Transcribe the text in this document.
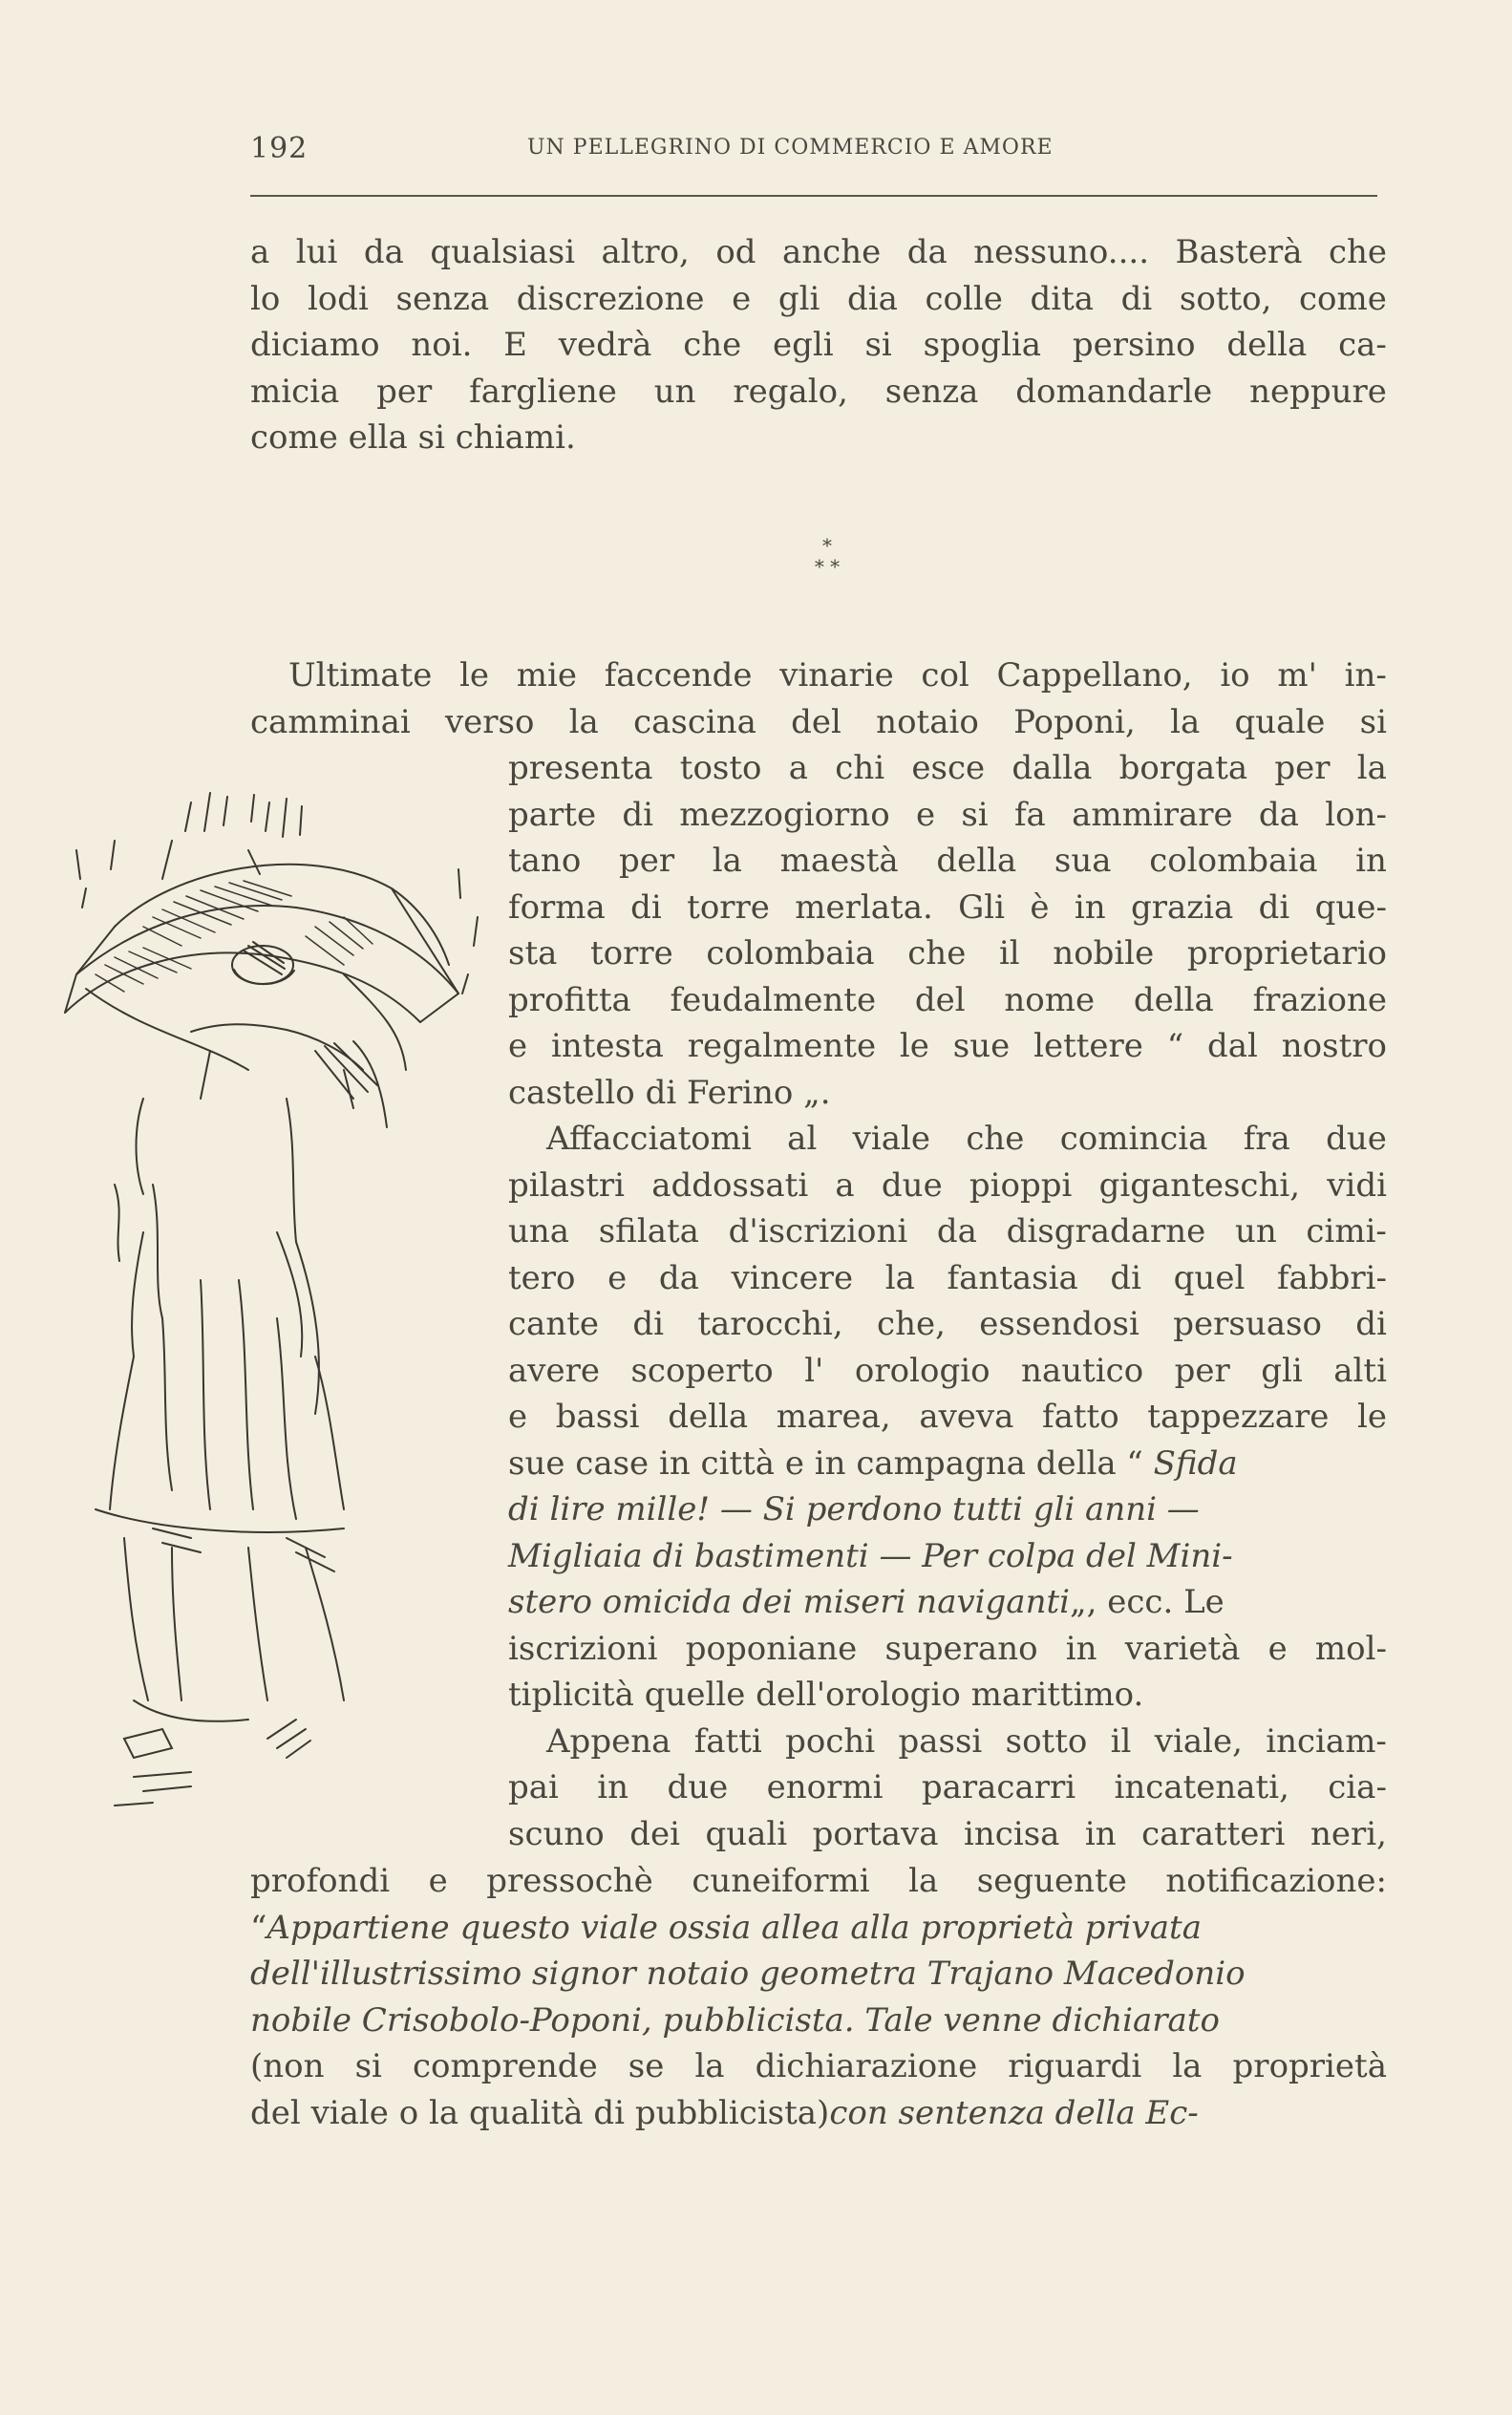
192	UN PELLEGRINO DI COMMERCIO E AMORE
a lui da qualsiasi altro, od anche da nessuno.... Basterà che
lo lodi senza discrezione e gli dia colle dita di sotto, come
diciamo noi. E vedrà che egli si spoglia persino della ca-
micia per fargliene un regalo, senza domandarle neppure
come ella si chiami.
*
* *
Ultimate le mie faccende vinarie col Cappellano, io m' in-
camminai verso la cascina del notaio Poponi, la quale si
presenta tosto a chi esce dalla borgata per la
parte di mezzogiorno e si fa ammirare da lon-
tano per la maestà della sua colombaia in
forma di torre merlata. Gli è in grazia di que-
sta torre colombaia che il nobile proprietario
profitta feudalmente del nome della frazione
e intesta regalmente le sue lettere “ dal nostro
castello di Ferino „.
Affacciatomi al viale che comincia fra due
pilastri addossati a due pioppi giganteschi, vidi
una sfilata d'iscrizioni da disgradarne un cimi-
tero e da vincere la fantasia di quel fabbri-
cante di tarocchi, che, essendosi persuaso di
avere scoperto l' orologio nautico per gli alti
e bassi della marea, aveva fatto tappezzare le
sue case in città e in campagna della “
Sfida
di lire mille! — Si perdono tutti gli anni —
Migliaia di bastimenti — Per colpa del Mini-
stero omicida dei miseri naviganti „, ecc. Le
iscrizioni poponiane superano in varietà e mol-
tiplicità quelle dell'orologio marittimo.
Appena fatti pochi passi sotto il viale, inciam-
pai in due enormi paracarri incatenati, cia-
scuno dei quali portava incisa in caratteri neri,
profondi e pressochè cuneiformi la seguente notificazione:
“ Appartiene questo viale ossia allea alla proprietà privata
dell'illustrissimo signor notaio geometra Trajano Macedonio
nobile Crisobolo-Poponi, pubblicista. Tale venne dichiarato
(non si comprende se la dichiarazione riguardi la proprietà
del viale o la qualità di pubblicista) con sentenza della Ec-
